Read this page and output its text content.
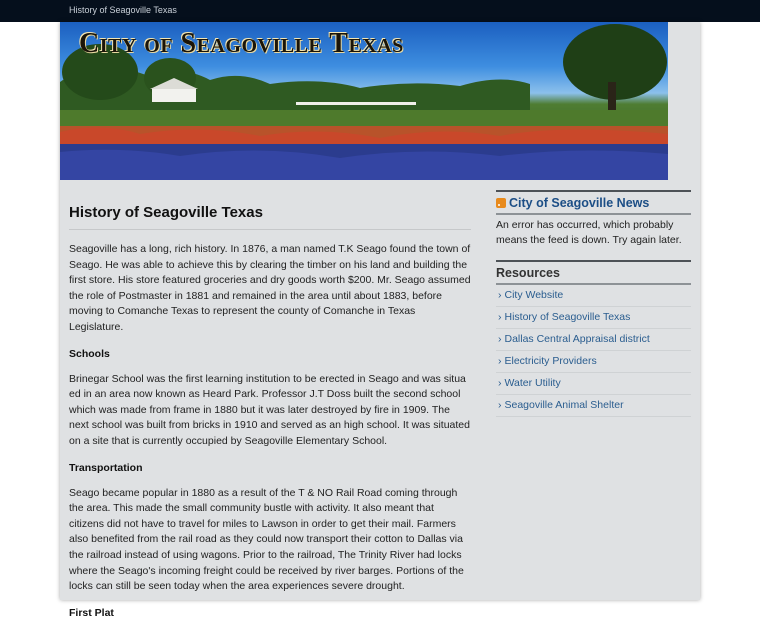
History of Seagoville Texas
City of Seagoville Texas
History of Seagoville Texas

Seagoville has a long, rich history. In 1876, a man named T.K Seago found the town of Seago. He was able to achieve this by clearing the timber on his land and building the first store. His store featured groceries and dry goods worth $200. Mr. Seago assumed the role of Postmaster in 1881 and remained in the area until about 1883, before moving to Comanche Texas to represent the county of Comanche in Texas Legislature.

Schools

Brinegar School was the first learning institution to be erected in Seago and was situa ed in an area now known as Heard Park. Professor J.T Doss built the second school which was made from frame in 1880 but it was later destroyed by fire in 1909. The next school was built from bricks in 1910 and served as an high school. It was situated on a site that is currently occupied by Seagoville Elementary School.

Transportation

Seago became popular in 1880 as a result of the T & NO Rail Road coming through the area. This made the small community bustle with activity. It also meant that citizens did not have to travel for miles to Lawson in order to get their mail. Farmers also benefited from the rail road as they could now transport their cotton to Dallas via the railroad instead of using wagons. Prior to the railroad, The Trinity River had locks where the Seago's incoming freight could be received by river barges. Portions of the locks can still be seen today when the area experiences severe drought.

First Plat
City of Seagoville News
An error has occurred, which probably means the feed is down. Try again later.
Resources
› City Website
› History of Seagoville Texas
› Dallas Central Appraisal district
› Electricity Providers
› Water Utility
› Seagoville Animal Shelter
